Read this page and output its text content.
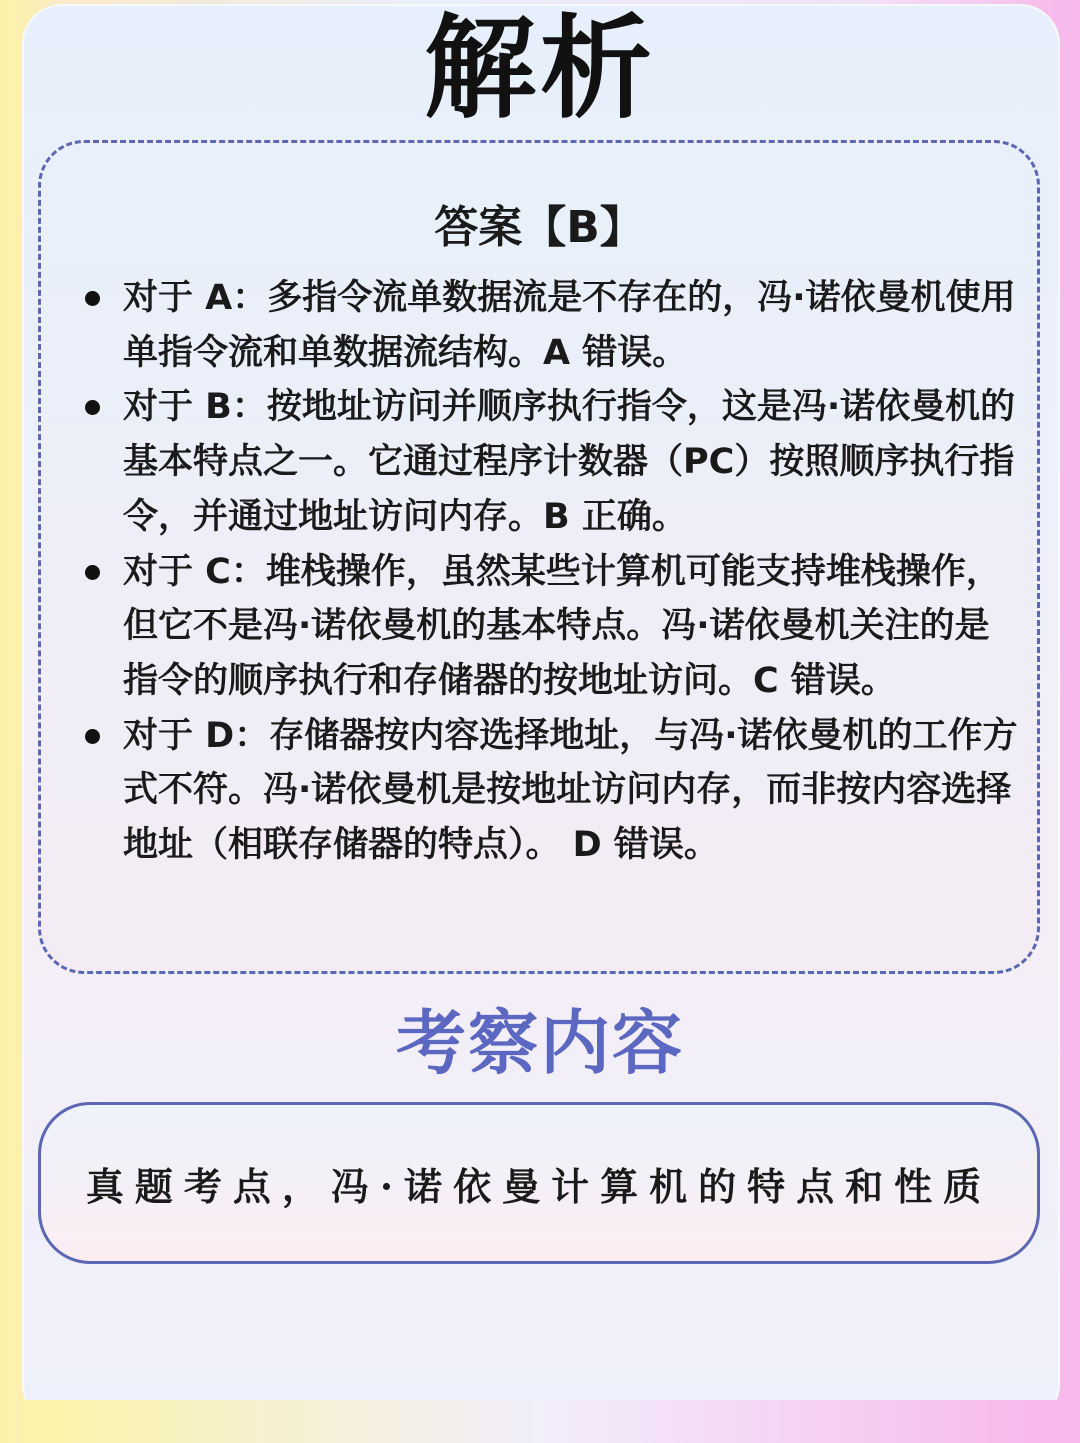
解析
答案【B】
对于 A：多指令流单数据流是不存在的，冯·诺依曼机使用单指令流和单数据流结构。A 错误。
对于 B：按地址访问并顺序执行指令，这是冯·诺依曼机的基本特点之一。它通过程序计数器（PC）按照顺序执行指令，并通过地址访问内存。B 正确。
对于 C：堆栈操作，虽然某些计算机可能支持堆栈操作，但它不是冯·诺依曼机的基本特点。冯·诺依曼机关注的是指令的顺序执行和存储器的按地址访问。C 错误。
对于 D：存储器按内容选择地址，与冯·诺依曼机的工作方式不符。冯·诺依曼机是按地址访问内存，而非按内容选择地址（相联存储器的特点）。 D 错误。
考察内容
真题考点，冯·诺依曼计算机的特点和性质
